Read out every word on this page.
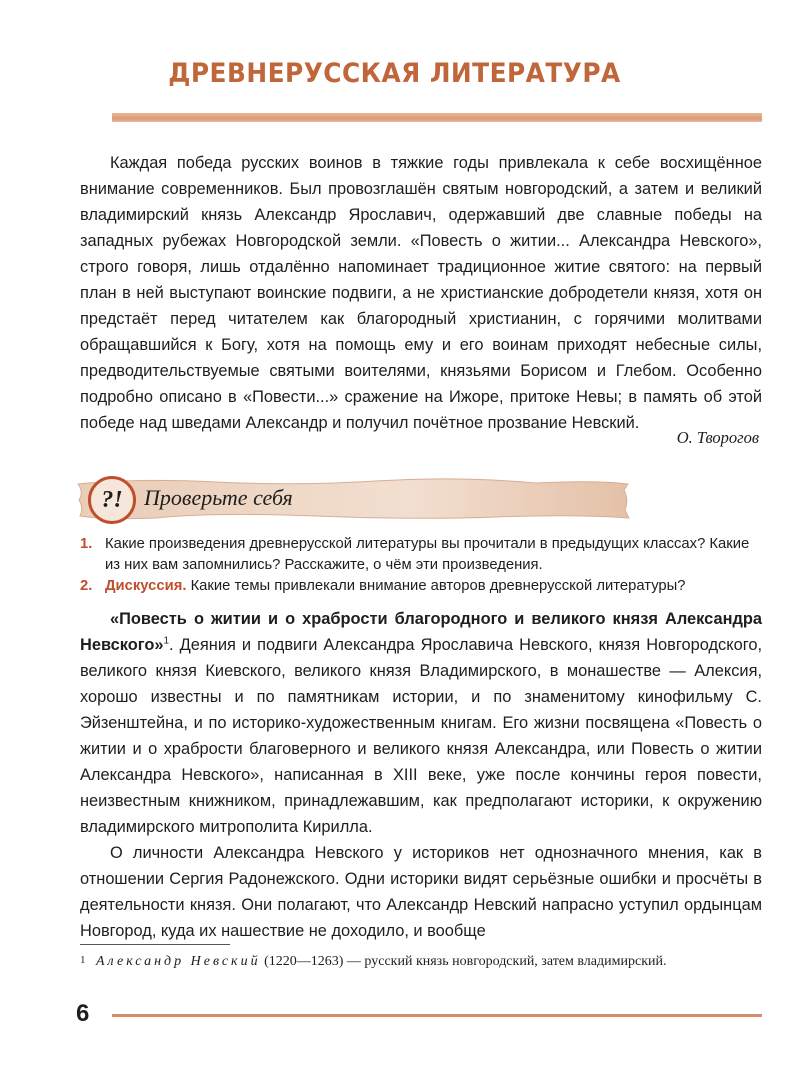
ДРЕВНЕРУССКАЯ ЛИТЕРАТУРА

Каждая победа русских воинов в тяжкие годы привлекала к себе восхищённое внимание современников. Был провозглашён святым новгородский, а затем и великий владимирский князь Александр Ярославич, одержавший две славные победы на западных рубежах Новгородской земли. «Повесть о житии... Александра Невского», строго говоря, лишь отдалённо напоминает традиционное житие святого: на первый план в ней выступают воинские подвиги, а не христианские добродетели князя, хотя он предстаёт перед читателем как благородный христианин, с горячими молитвами обращавшийся к Богу, хотя на помощь ему и его воинам приходят небесные силы, предводительствуемые святыми воителями, князьями Борисом и Глебом. Особенно подробно описано в «Повести...» сражение на Ижоре, притоке Невы; в память об этой победе над шведами Александр и получил почётное прозвание Невский.

О. Творогов
?! Проверьте себя
1. Какие произведения древнерусской литературы вы прочитали в предыдущих классах? Какие из них вам запомнились? Расскажите, о чём эти произведения.
2. Дискуссия. Какие темы привлекали внимание авторов древнерусской литературы?

«Повесть о житии и о храбрости благородного и великого князя Александра Невского»$^1$. Деяния и подвиги Александра Ярославича Невского, князя Новгородского, великого князя Киевского, великого князя Владимирского, в монашестве — Алексия, хорошо известны и по памятникам истории, и по знаменитому кинофильму С. Эйзенштейна, и по историко-художественным книгам. Его жизни посвящена «Повесть о житии и о храбрости благоверного и великого князя Александра, или Повесть о житии Александра Невского», написанная в XIII веке, уже после кончины героя повести, неизвестным книжником, принадлежавшим, как предполагают историки, к окружению владимирского митрополита Кирилла.

О личности Александра Невского у историков нет однозначного мнения, как в отношении Сергия Радонежского. Одни историки видят серьёзные ошибки и просчёты в деятельности князя. Они полагают, что Александр Невский напрасно уступил ордынцам Новгород, куда их нашествие не доходило, и вообще

1 Александр Невский (1220—1263) — русский князь новгородский, затем владимирский.
6
